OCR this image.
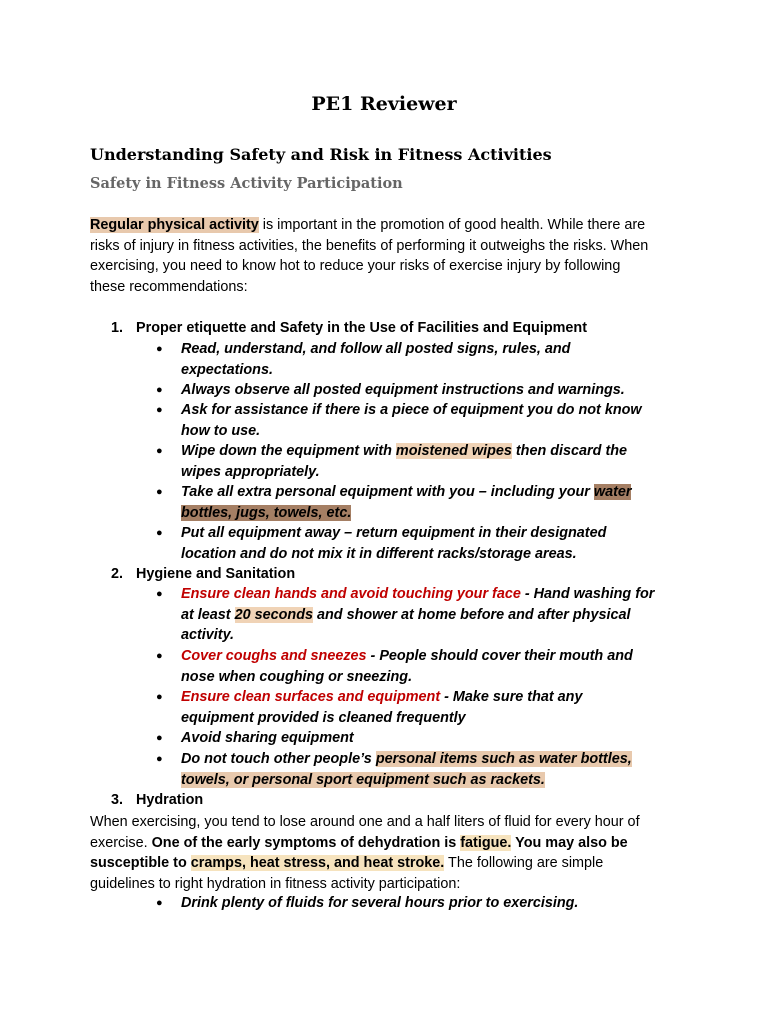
PE1 Reviewer
Understanding Safety and Risk in Fitness Activities
Safety in Fitness Activity Participation

Regular physical activity is important in the promotion of good health. While there are
risks of injury in fitness activities, the benefits of performing it outweighs the risks. When
exercising, you need to know hot to reduce your risks of exercise injury by following
these recommendations:

1. Proper etiquette and Safety in the Use of Facilities and Equipment
● Read, understand, and follow all posted signs, rules, and
expectations.
● Always observe all posted equipment instructions and warnings.
● Ask for assistance if there is a piece of equipment you do not know
how to use.
● Wipe down the equipment with moistened wipes then discard the
wipes appropriately.
● Take all extra personal equipment with you – including your water
bottles, jugs, towels, etc.
● Put all equipment away – return equipment in their designated
location and do not mix it in different racks/storage areas.
2. Hygiene and Sanitation
● Ensure clean hands and avoid touching your face - Hand washing for
at least 20 seconds and shower at home before and after physical
activity.
● Cover coughs and sneezes - People should cover their mouth and
nose when coughing or sneezing.
● Ensure clean surfaces and equipment - Make sure that any
equipment provided is cleaned frequently
● Avoid sharing equipment
● Do not touch other people’s personal items such as water bottles,
towels, or personal sport equipment such as rackets.
3. Hydration

When exercising, you tend to lose around one and a half liters of fluid for every hour of
exercise. One of the early symptoms of dehydration is fatigue. You may also be
susceptible to cramps, heat stress, and heat stroke. The following are simple
guidelines to right hydration in fitness activity participation:

● Drink plenty of fluids for several hours prior to exercising.
